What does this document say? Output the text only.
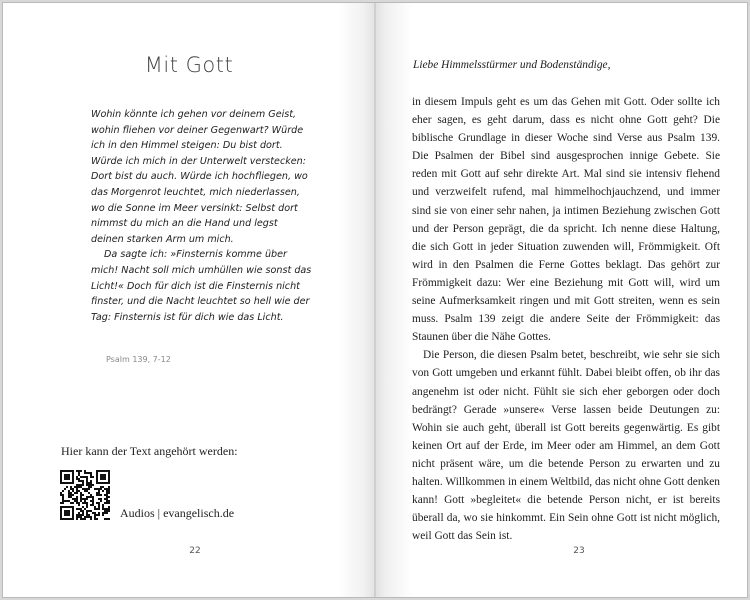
Mit Gott

Wohin könnte ich gehen vor deinem Geist, wohin fliehen vor deiner Gegenwart? Würde ich in den Himmel steigen: Du bist dort. Würde ich mich in der Unterwelt verstecken: Dort bist du auch. Würde ich hochfliegen, wo das Morgenrot leuchtet, mich niederlassen, wo die Sonne im Meer versinkt: Selbst dort nimmst du mich an die Hand und legst deinen starken Arm um mich.

Da sagte ich: »Finsternis komme über mich! Nacht soll mich umhüllen wie sonst das Licht!« Doch für dich ist die Finsternis nicht finster, und die Nacht leuchtet so hell wie der Tag: Finsternis ist für dich wie das Licht.

Psalm 139, 7-12
Hier kann der Text angehört werden:
Audios | evangelisch.de
22
Liebe Himmelsstürmer und Bodenständige,

in diesem Impuls geht es um das Gehen mit Gott. Oder sollte ich eher sagen, es geht darum, dass es nicht ohne Gott geht? Die biblische Grundlage in dieser Woche sind Verse aus Psalm 139. Die Psalmen der Bibel sind ausgesprochen innige Gebete. Sie reden mit Gott auf sehr direkte Art. Mal sind sie intensiv flehend und verzweifelt rufend, mal himmelhochjauchzend, und immer sind sie von einer sehr nahen, ja intimen Beziehung zwischen Gott und der Person geprägt, die da spricht. Ich nenne diese Haltung, die sich Gott in jeder Situation zuwenden will, Frömmigkeit. Oft wird in den Psalmen die Ferne Gottes beklagt. Das gehört zur Frömmigkeit dazu: Wer eine Beziehung mit Gott will, wird um seine Aufmerksamkeit ringen und mit Gott streiten, wenn es sein muss. Psalm 139 zeigt die andere Seite der Frömmigkeit: das Staunen über die Nähe Gottes.

Die Person, die diesen Psalm betet, beschreibt, wie sehr sie sich von Gott umgeben und erkannt fühlt. Dabei bleibt offen, ob ihr das angenehm ist oder nicht. Fühlt sie sich eher geborgen oder doch bedrängt? Gerade »unsere« Verse lassen beide Deutungen zu: Wohin sie auch geht, überall ist Gott bereits gegenwärtig. Es gibt keinen Ort auf der Erde, im Meer oder am Himmel, an dem Gott nicht präsent wäre, um die betende Person zu erwarten und zu halten. Willkommen in einem Weltbild, das nicht ohne Gott denken kann! Gott »begleitet« die betende Person nicht, er ist bereits überall da, wo sie hinkommt. Ein Sein ohne Gott ist nicht möglich, weil Gott das Sein ist.

23
